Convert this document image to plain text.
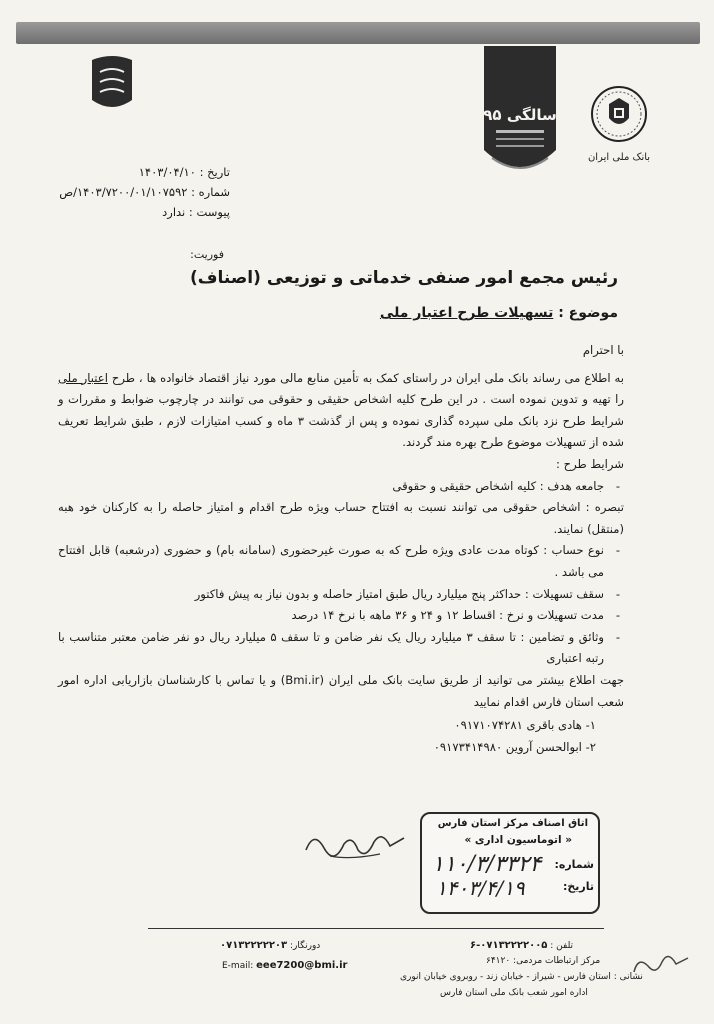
بانک ملی ایران
۹۵ سالگی
تاریخ : ۱۴۰۳/۰۴/۱۰
شماره : ۱۴۰۳/۷۲۰۰/۰۱/۱۰۷۵۹۲/ص
پیوست : ندارد
فوریت:
رئیس مجمع امور صنفی خدماتی و توزیعی (اصناف)
موضوع : تسهیلات طرح اعتبار ملی

با احترام

به اطلاع می رساند بانک ملی ایران در راستای کمک به تأمین منابع مالی مورد نیاز اقتصاد خانواده ها ، طرح اعتبار ملی را تهیه و تدوین نموده است . در این طرح کلیه اشخاص حقیقی و حقوقی می توانند در چارچوب ضوابط و مقررات و شرایط طرح نزد بانک ملی سپرده گذاری نموده و پس از گذشت ۳ ماه و کسب امتیازات لازم ، طبق شرایط تعریف شده از تسهیلات موضوع طرح بهره مند گردند.

شرایط طرح :

- جامعه هدف : کلیه اشخاص حقیقی و حقوقی
تبصره : اشخاص حقوقی می توانند نسبت به افتتاح حساب ویژه طرح اقدام و امتیاز حاصله را به کارکنان خود هبه (منتقل) نمایند.
- نوع حساب : کوتاه مدت عادی ویژه طرح که به صورت غیرحضوری (سامانه بام) و حضوری (درشعبه) قابل افتتاح می باشد .
- سقف تسهیلات : حداکثر پنج میلیارد ریال طبق امتیاز حاصله و بدون نیاز به پیش فاکتور
- مدت تسهیلات و نرخ : اقساط ۱۲ و ۲۴ و ۳۶ ماهه با نرخ ۱۴ درصد
- وثائق و تضامین : تا سقف ۳ میلیارد ریال یک نفر ضامن و تا سقف ۵ میلیارد ریال دو نفر ضامن معتبر متناسب با رتبه اعتباری

جهت اطلاع بیشتر می توانید از طریق سایت بانک ملی ایران (Bmi.ir) و یا تماس با کارشناسان بازاریابی اداره امور شعب استان فارس اقدام نمایید

۱- هادی باقری ۰۹۱۷۱۰۷۴۲۸۱
۲- ابوالحسن آروین ۰۹۱۷۳۴۱۴۹۸۰
اتاق اصناف مرکز استان فارس
« اتوماسیون اداری »
شماره:
تاریخ:
۱۱۰/۳/۳۳۲۴
۱۴۰۳/۴/۱۹
دورنگار: ۰۷۱۳۲۲۲۲۲۰۳	تلفن : ۰۷۱۳۲۲۲۲۰۰۵-۶
مرکز ارتباطات مردمی: ۶۴۱۲۰
E-mail: eee7200@bmi.ir
نشانی : استان فارس - شیراز - خیابان زند - روبروی خیابان انوری
اداره امور شعب بانک ملی استان فارس
